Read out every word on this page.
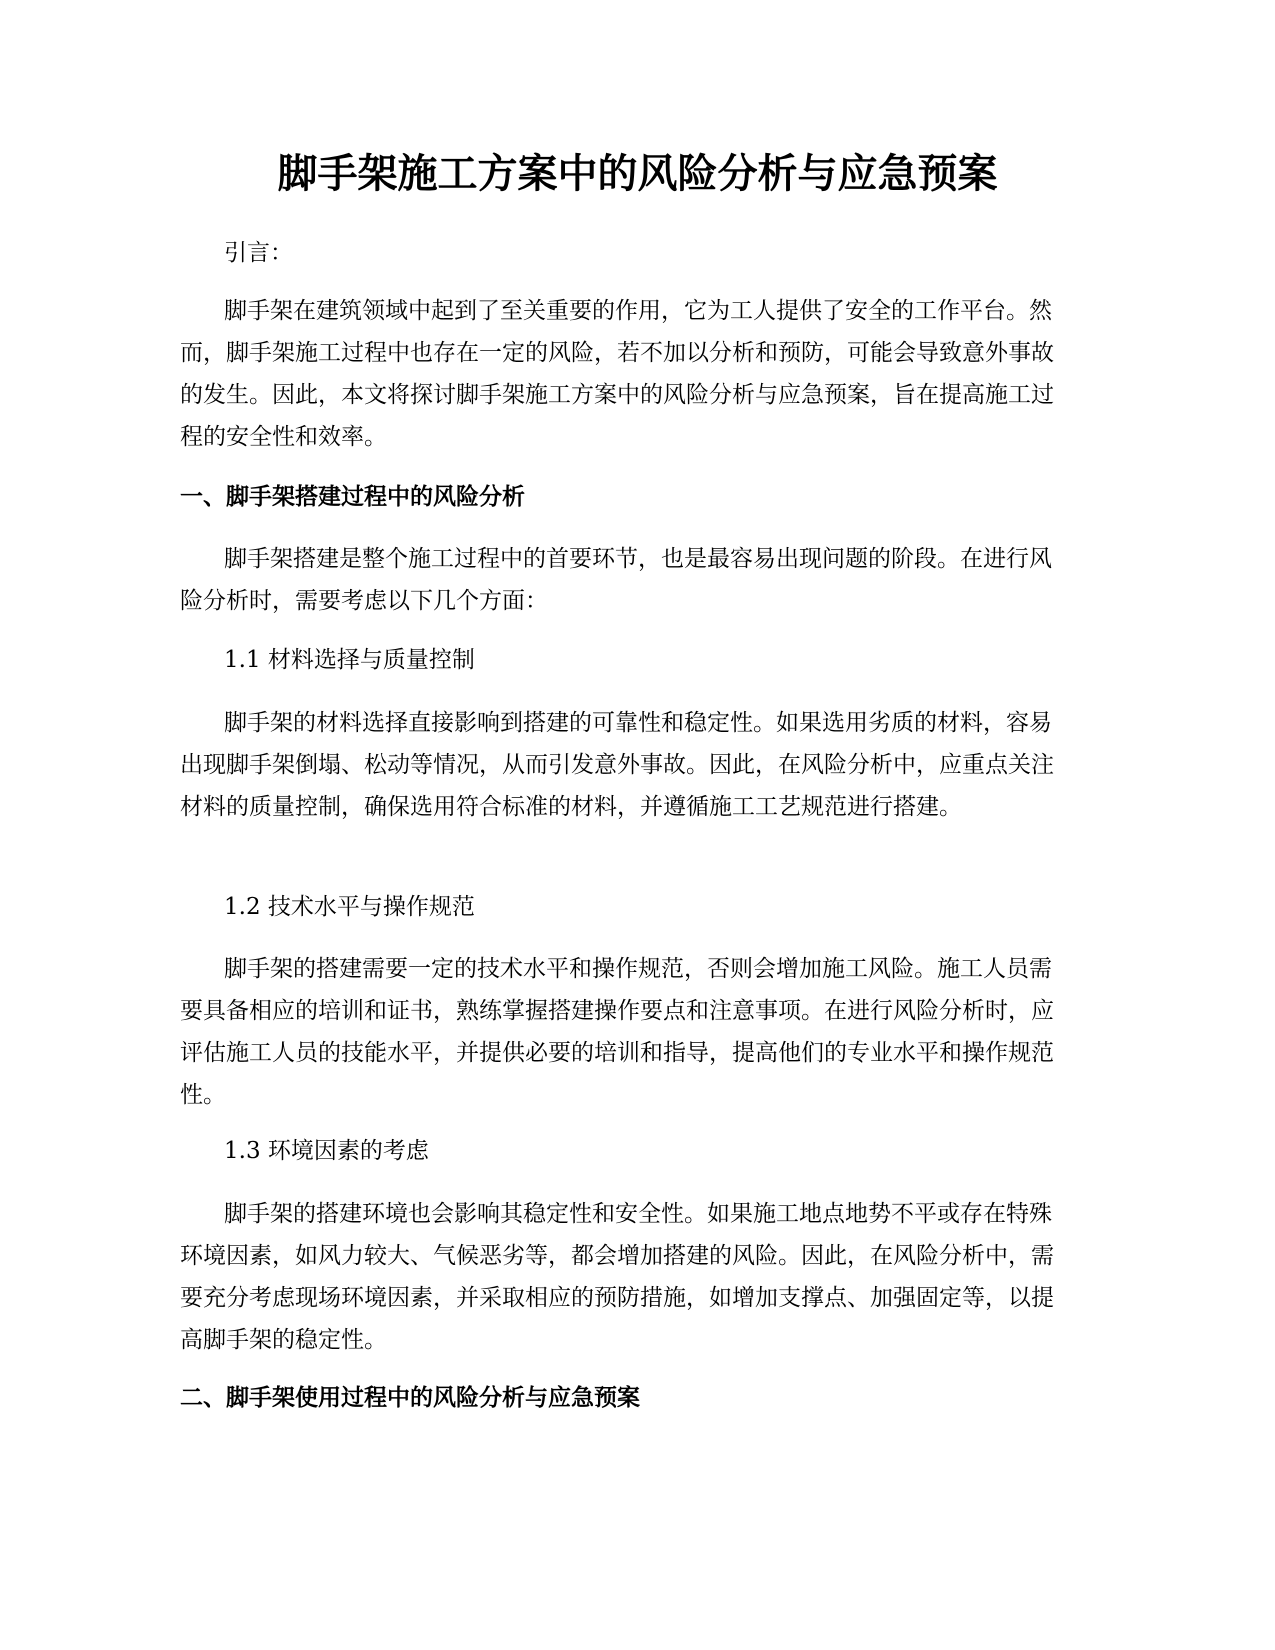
脚手架施工方案中的风险分析与应急预案

引言：

脚手架在建筑领域中起到了至关重要的作用，它为工人提供了安全的工作平台。然而，脚手架施工过程中也存在一定的风险，若不加以分析和预防，可能会导致意外事故的发生。因此，本文将探讨脚手架施工方案中的风险分析与应急预案，旨在提高施工过程的安全性和效率。

一、脚手架搭建过程中的风险分析

脚手架搭建是整个施工过程中的首要环节，也是最容易出现问题的阶段。在进行风险分析时，需要考虑以下几个方面：

1.1 材料选择与质量控制

脚手架的材料选择直接影响到搭建的可靠性和稳定性。如果选用劣质的材料，容易出现脚手架倒塌、松动等情况，从而引发意外事故。因此，在风险分析中，应重点关注材料的质量控制，确保选用符合标准的材料，并遵循施工工艺规范进行搭建。

1.2 技术水平与操作规范

脚手架的搭建需要一定的技术水平和操作规范，否则会增加施工风险。施工人员需要具备相应的培训和证书，熟练掌握搭建操作要点和注意事项。在进行风险分析时，应评估施工人员的技能水平，并提供必要的培训和指导，提高他们的专业水平和操作规范性。

1.3 环境因素的考虑

脚手架的搭建环境也会影响其稳定性和安全性。如果施工地点地势不平或存在特殊环境因素，如风力较大、气候恶劣等，都会增加搭建的风险。因此，在风险分析中，需要充分考虑现场环境因素，并采取相应的预防措施，如增加支撑点、加强固定等，以提高脚手架的稳定性。

二、脚手架使用过程中的风险分析与应急预案
